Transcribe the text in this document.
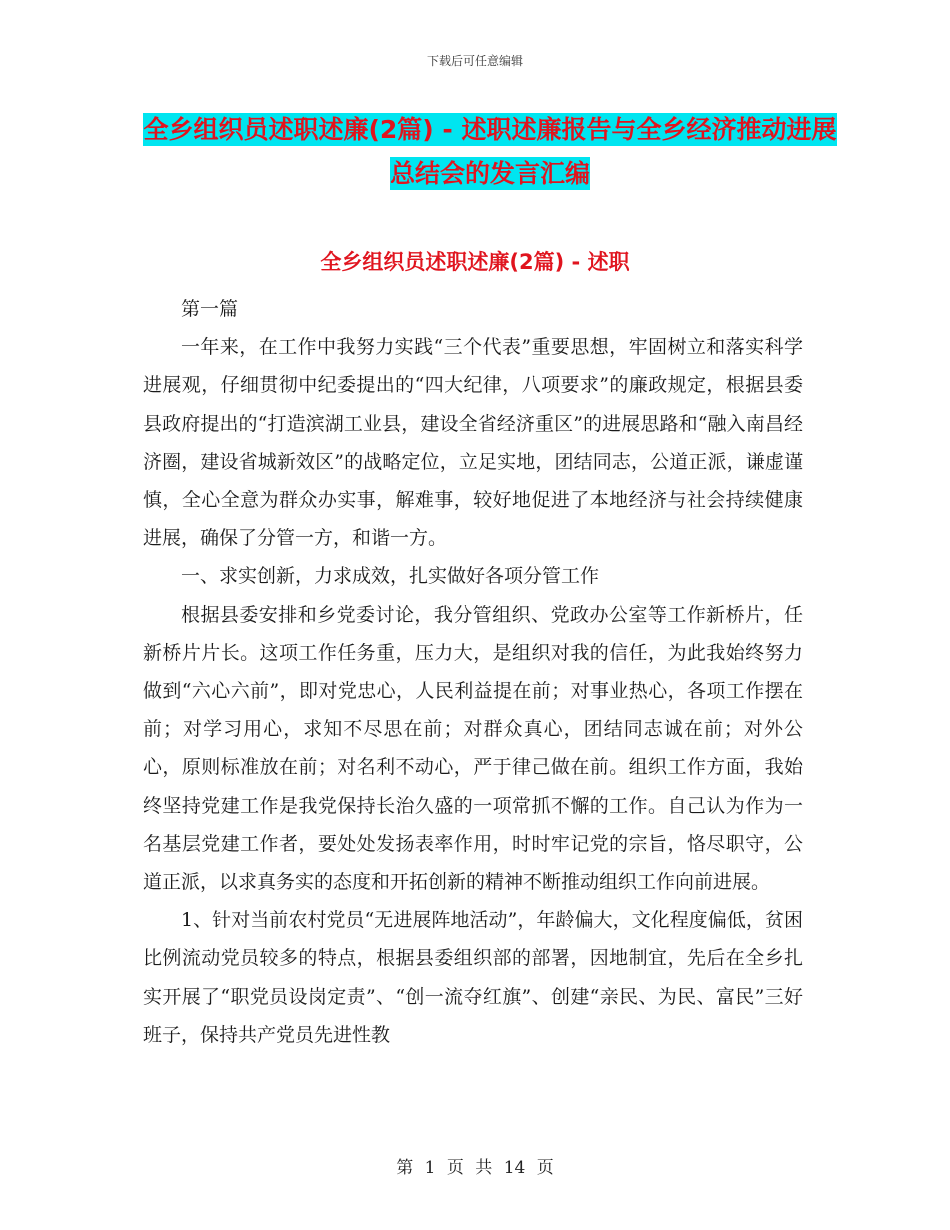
下载后可任意编辑
全乡组织员述职述廉(2篇) - 述职述廉报告与全乡经济推动进展总结会的发言汇编
全乡组织员述职述廉(2篇) - 述职

第一篇

一年来，在工作中我努力实践“三个代表”重要思想，牢固树立和落实科学进展观，仔细贯彻中纪委提出的“四大纪律，八项要求”的廉政规定，根据县委县政府提出的“打造滨湖工业县，建设全省经济重区”的进展思路和“融入南昌经济圈，建设省城新效区”的战略定位，立足实地，团结同志，公道正派，谦虚谨慎，全心全意为群众办实事，解难事，较好地促进了本地经济与社会持续健康进展，确保了分管一方，和谐一方。

一、求实创新，力求成效，扎实做好各项分管工作

根据县委安排和乡党委讨论，我分管组织、党政办公室等工作新桥片，任新桥片片长。这项工作任务重，压力大，是组织对我的信任，为此我始终努力做到“六心六前”，即对党忠心，人民利益提在前；对事业热心，各项工作摆在前；对学习用心，求知不尽思在前；对群众真心，团结同志诚在前；对外公心，原则标准放在前；对名利不动心，严于律己做在前。组织工作方面，我始终坚持党建工作是我党保持长治久盛的一项常抓不懈的工作。自己认为作为一名基层党建工作者，要处处发扬表率作用，时时牢记党的宗旨，恪尽职守，公道正派，以求真务实的态度和开拓创新的精神不断推动组织工作向前进展。

1、针对当前农村党员“无进展阵地活动”，年龄偏大，文化程度偏低，贫困比例流动党员较多的特点，根据县委组织部的部署，因地制宜，先后在全乡扎实开展了“职党员设岗定责”、“创一流夺红旗”、创建“亲民、为民、富民”三好班子，保持共产党员先进性教

第 1 页 共 14 页
